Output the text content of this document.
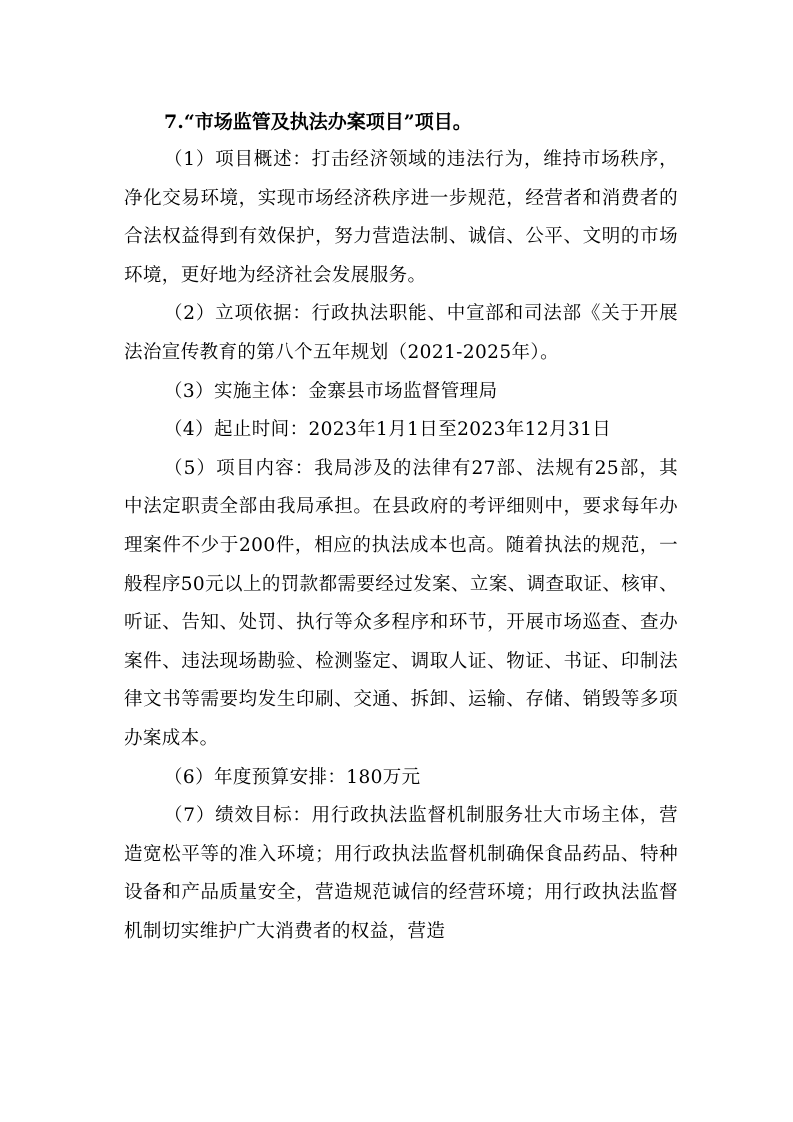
7.“市场监管及执法办案项目”项目。

（1）项目概述：打击经济领域的违法行为，维持市场秩序，净化交易环境，实现市场经济秩序进一步规范，经营者和消费者的合法权益得到有效保护，努力营造法制、诚信、公平、文明的市场环境，更好地为经济社会发展服务。

（2）立项依据：行政执法职能、中宣部和司法部《关于开展法治宣传教育的第八个五年规划（2021-2025年）。

（3）实施主体：金寨县市场监督管理局

（4）起止时间：2023年1月1日至2023年12月31日

（5）项目内容：我局涉及的法律有27部、法规有25部，其中法定职责全部由我局承担。在县政府的考评细则中，要求每年办理案件不少于200件，相应的执法成本也高。随着执法的规范，一般程序50元以上的罚款都需要经过发案、立案、调查取证、核审、听证、告知、处罚、执行等众多程序和环节，开展市场巡查、查办案件、违法现场勘验、检测鉴定、调取人证、物证、书证、印制法律文书等需要均发生印刷、交通、拆卸、运输、存储、销毁等多项办案成本。

（6）年度预算安排：180万元

（7）绩效目标：用行政执法监督机制服务壮大市场主体，营造宽松平等的准入环境；用行政执法监督机制确保食品药品、特种设备和产品质量安全，营造规范诚信的经营环境；用行政执法监督机制切实维护广大消费者的权益，营造
